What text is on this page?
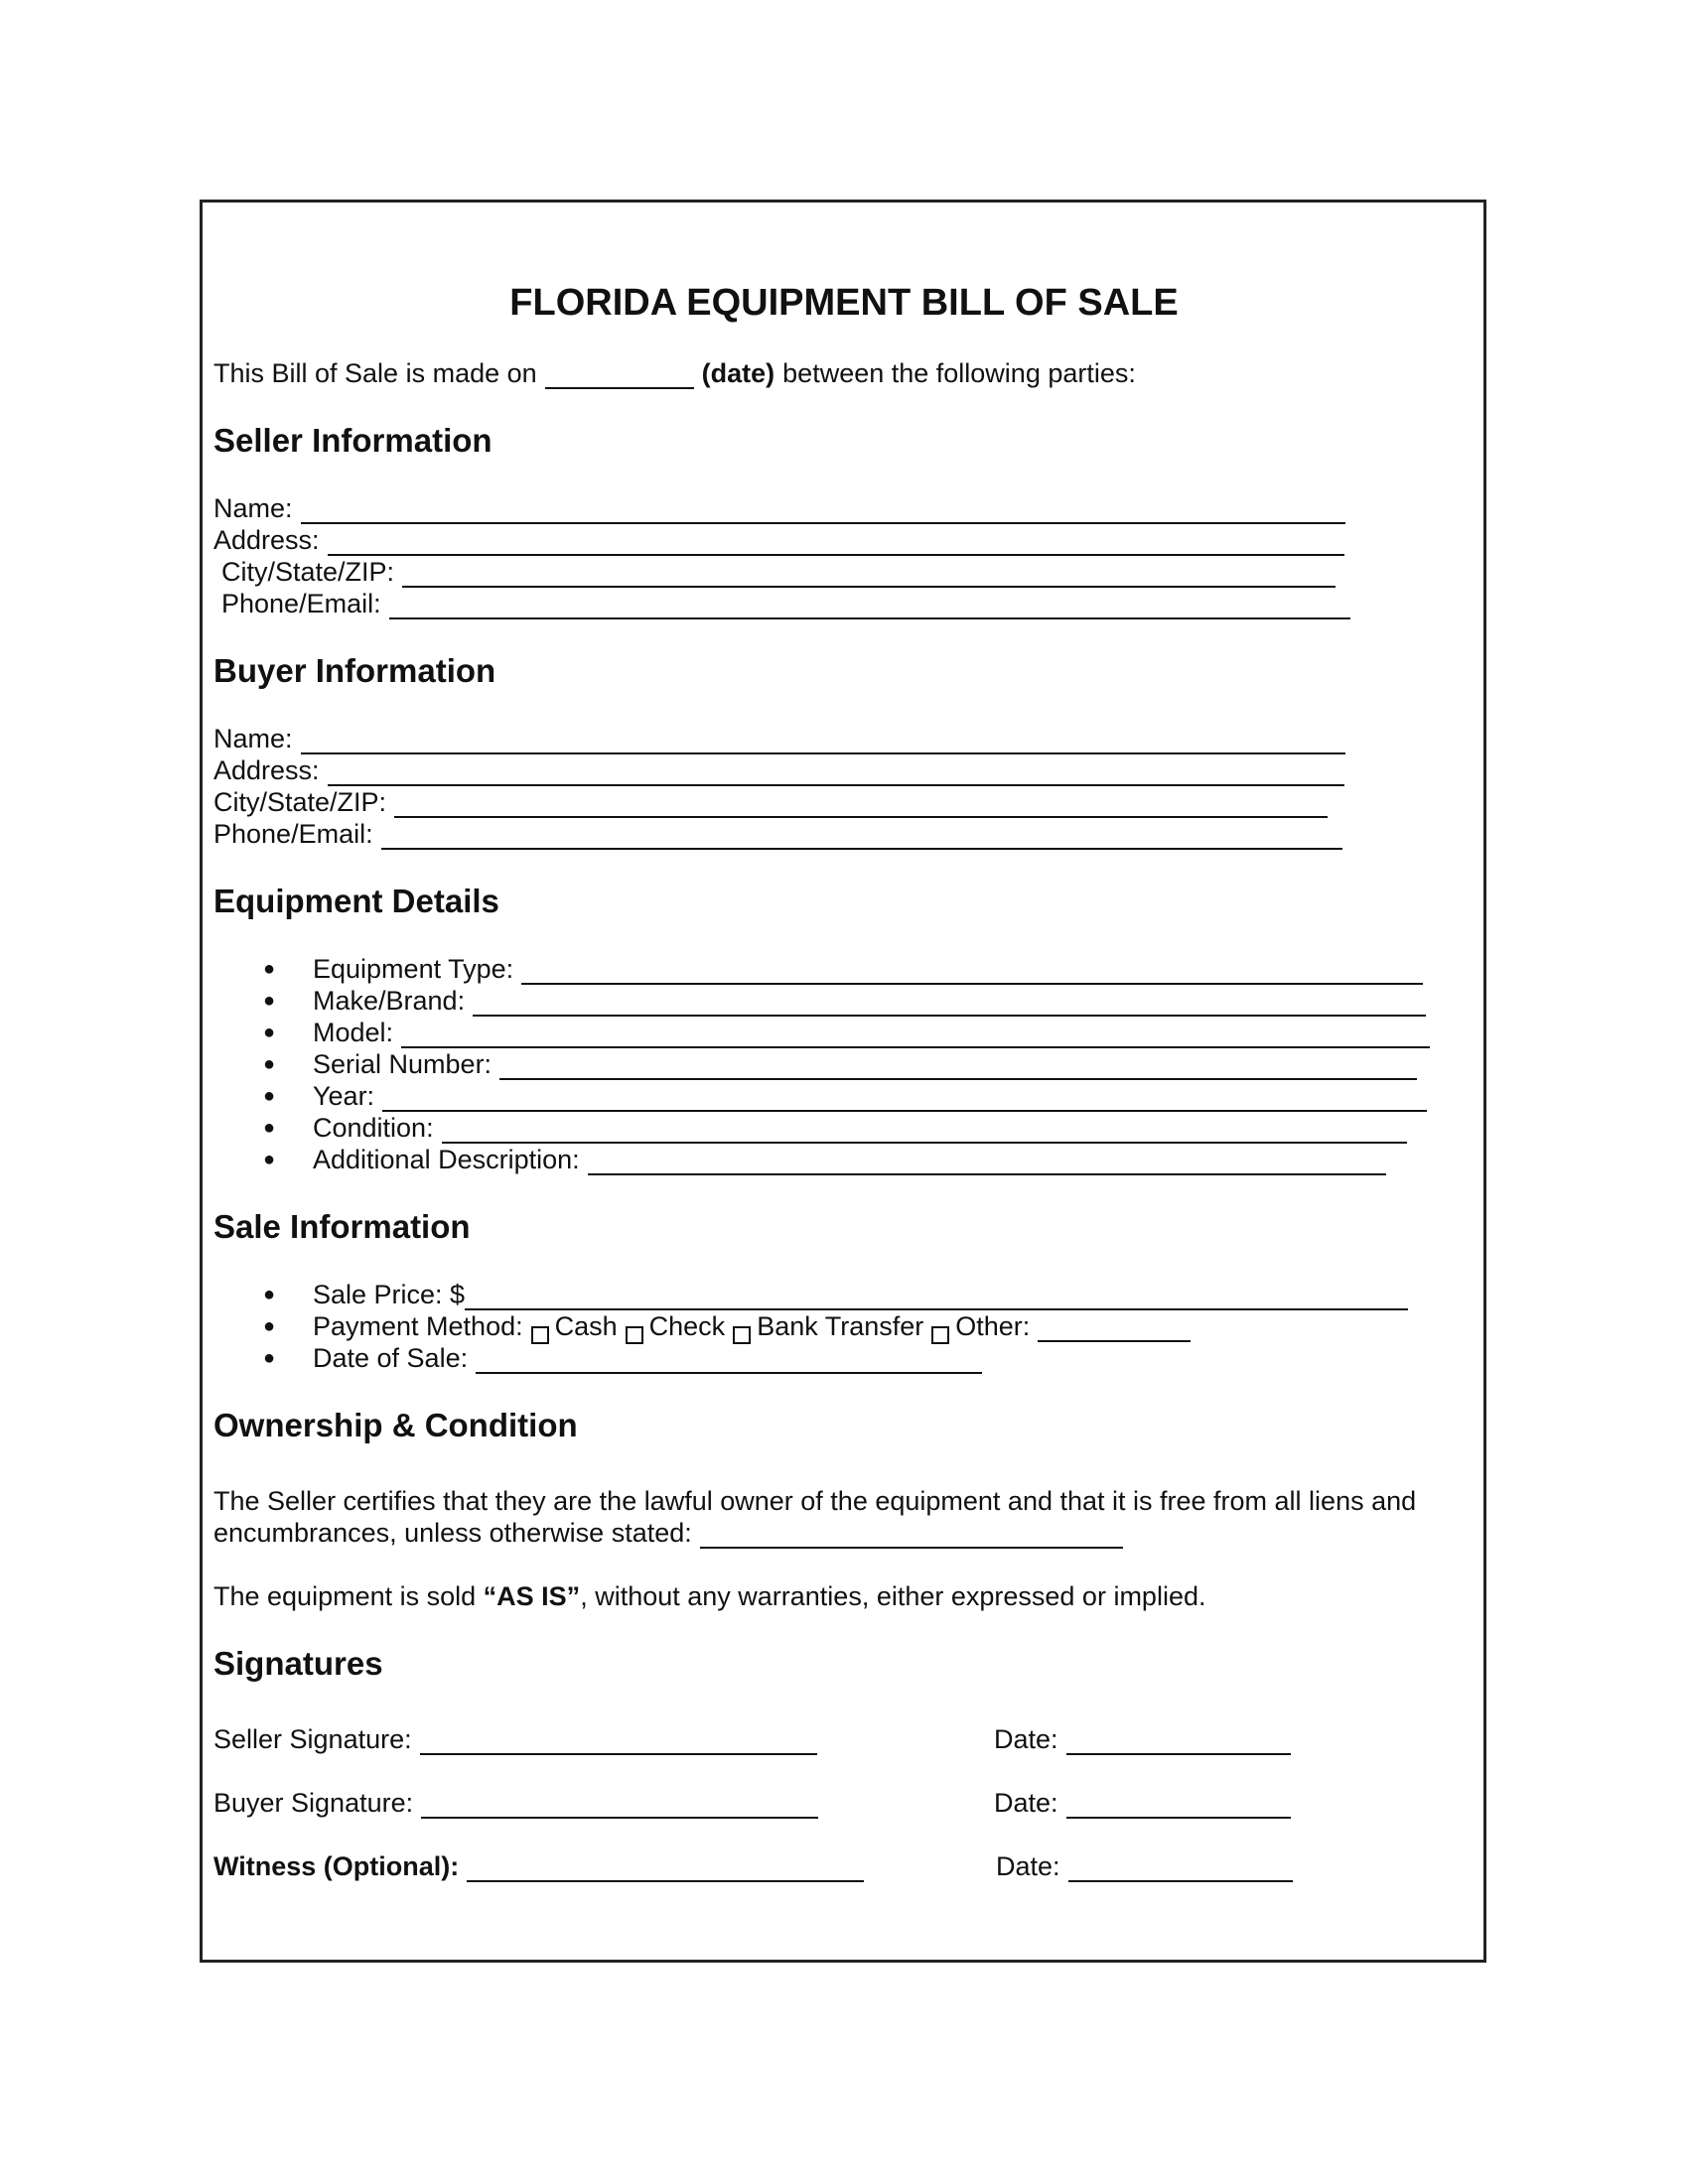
FLORIDA EQUIPMENT BILL OF SALE
This Bill of Sale is made on	(date) between the following parties:
Seller Information
Name:
Address:
City/State/ZIP:
Phone/Email:
Buyer Information
Name:
Address:
City/State/ZIP:
Phone/Email:
Equipment Details
● Equipment Type:
● Make/Brand:
● Model:
● Serial Number:
● Year:
● Condition:
● Additional Description:
Sale Information
● Sale Price: $
● Payment Method: Cash Check Bank Transfer Other:
● Date of Sale:
Ownership & Condition

The Seller certifies that they are the lawful owner of the equipment and that it is free from all liens and

encumbrances, unless otherwise stated:

The equipment is sold “AS IS”, without any warranties, either expressed or implied.

Signatures
Seller Signature:	Date:
Buyer Signature:	Date:
Witness (Optional):	Date:
